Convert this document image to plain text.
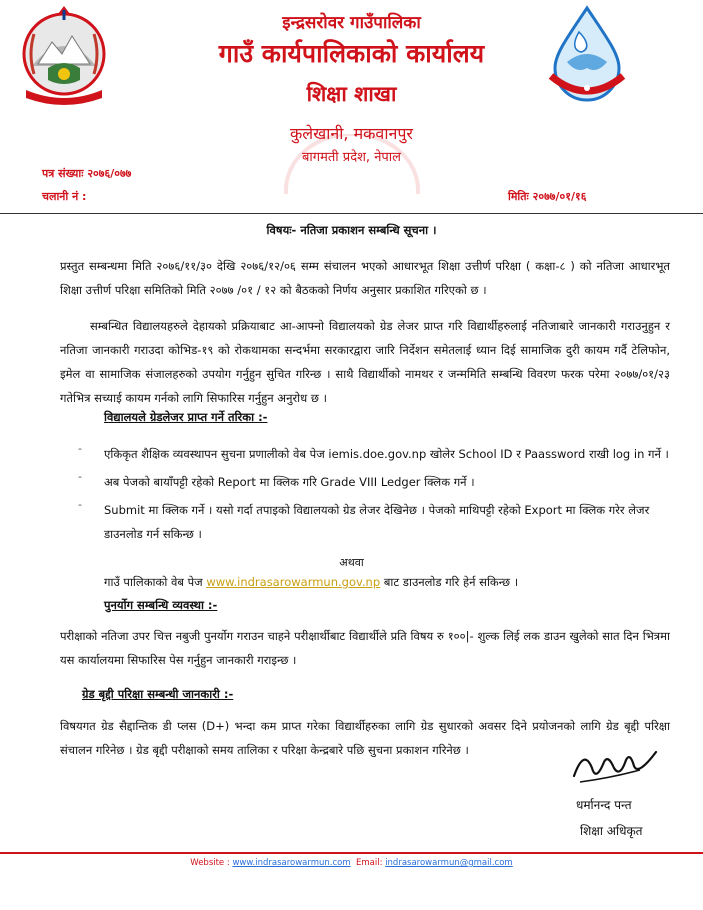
इन्द्रसरोवर गाउँपालिका
गाउँ कार्यपालिकाको कार्यालय
शिक्षा शाखा
कुलेखानी, मकवानपुर
बागमती प्रदेश, नेपाल
पत्र संख्याः २०७६/०७७
चलानी नं :	मितिः २०७७/०१/१६
विषयः- नतिजा प्रकाशन सम्बन्धि सूचना ।
प्रस्तुत सम्बन्धमा मिति २०७६/११/३० देखि २०७६/१२/०६ सम्म संचालन भएको आधारभूत शिक्षा उत्तीर्ण परिक्षा ( कक्षा-८ ) को नतिजा आधारभूत शिक्षा उत्तीर्ण परिक्षा समितिको मिति २०७७ /०१ / १२ को बैठकको निर्णय अनुसार प्रकाशित गरिएको छ ।
सम्बन्धित विद्यालयहरुले देहायको प्रक्रियाबाट आ-आफ्नो विद्यालयको ग्रेड लेजर प्राप्त गरि विद्यार्थीहरुलाई नतिजाबारे जानकारी गराउनुहुन र नतिजा जानकारी गराउदा कोभिड-१९ को रोकथामका सन्दर्भमा सरकारद्वारा जारि निर्देशन समेतलाई ध्यान दिई सामाजिक दुरी कायम गर्दै टेलिफोन, इमेल वा सामाजिक संजालहरुको उपयोग गर्नुहुन सुचित गरिन्छ । साथै विद्यार्थीको नामथर र जन्ममिति सम्बन्धि विवरण फरक परेमा २०७७/०१/२३ गतेभित्र सच्याई कायम गर्नको लागि सिफारिस गर्नुहुन अनुरोध छ ।
विद्यालयले ग्रेडलेजर प्राप्त गर्ने तरिका :-
-	एकिकृत शैक्षिक व्यवस्थापन सुचना प्रणालीको वेब पेज iemis.doe.gov.np खोलेर School ID र Paassword राखी log in गर्ने ।
-	अब पेजको बायाँपट्टी रहेको Report मा क्लिक गरि Grade VIII Ledger क्लिक गर्ने ।
-	Submit मा क्लिक गर्ने । यसो गर्दा तपाइको विद्यालयको ग्रेड लेजर देखिनेछ । पेजको माथिपट्टी रहेको Export मा क्लिक गरेर लेजर डाउनलोड गर्न सकिन्छ ।
अथवा
गाउँ पालिकाको वेब पेज www.indrasarowarmun.gov.np बाट डाउनलोड गरि हेर्न सकिन्छ ।
पुनर्योग सम्बन्धि व्यवस्था :-
परीक्षाको नतिजा उपर चित्त नबुजी पुनर्योग गराउन चाहने परीक्षार्थीबाट विद्यार्थीले प्रति विषय रु १००|- शुल्क लिई लक डाउन खुलेको सात दिन भित्रमा यस कार्यालयमा सिफारिस पेस गर्नुहुन जानकारी गराइन्छ ।
ग्रेड बृद्दी परिक्षा सम्बन्धी जानकारी :-
विषयगत ग्रेड सैद्दान्तिक डी प्लस (D+) भन्दा कम प्राप्त गरेका विद्यार्थीहरुका लागि ग्रेड सुधारको अवसर दिने प्रयोजनको लागि ग्रेड बृद्दी परिक्षा संचालन गरिनेछ । ग्रेड बृद्दी परीक्षाको समय तालिका र परिक्षा केन्द्रबारे पछि सुचना प्रकाशन गरिनेछ ।
धर्मानन्द पन्त
शिक्षा अधिकृत
Website : www.indrasarowarmun.com Email: indrasarowarmun@gmail.com
